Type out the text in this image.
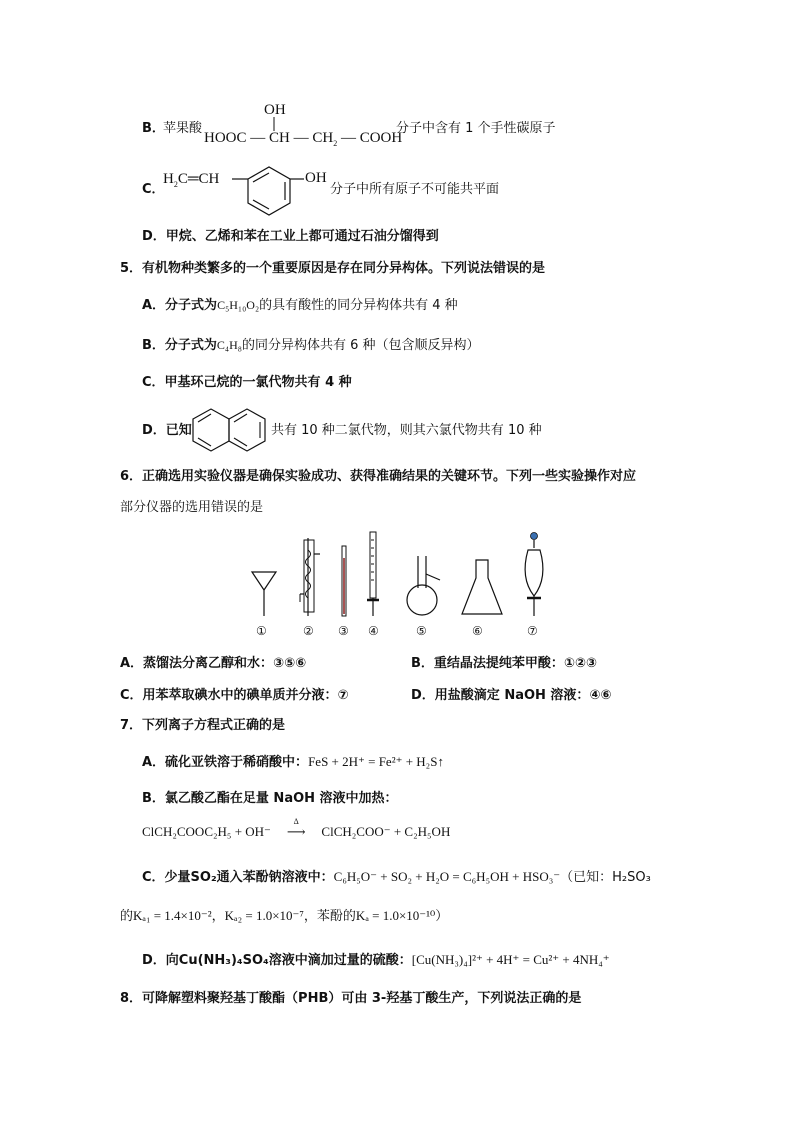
B．
苹果酸
OH
HOOC ― CH ― $CH_2$ ― COOH
分子中含有 1 个手性碳原子
C．
$H_2C═CH$	OH
分子中所有原子不可能共平面
D．甲烷、乙烯和苯在工业上都可通过石油分馏得到
5．有机物种类繁多的一个重要原因是存在同分异构体。下列说法错误的是
A．分子式为C₅H₁₀O₂的具有酸性的同分异构体共有 4 种
B．分子式为C₄H₈的同分异构体共有 6 种（包含顺反异构）
C．甲基环己烷的一氯代物共有 4 种
D．已知	共有 10 种二氯代物，则其六氯代物共有 10 种
6．正确选用实验仪器是确保实验成功、获得准确结果的关键环节。下列一些实验操作对应
部分仪器的选用错误的是
①	② ③ ④	⑤	⑥	⑦
A．蒸馏法分离乙醇和水：③⑤⑥	B．重结晶法提纯苯甲酸：①②③
C．用苯萃取碘水中的碘单质并分液：⑦	D．用盐酸滴定 NaOH 溶液：④⑥
7．下列离子方程式正确的是
A．硫化亚铁溶于稀硝酸中：FeS + 2H⁺ = Fe²⁺ + H₂S↑
B．氯乙酸乙酯在足量 NaOH 溶液中加热：
ClCH₂COOC₂H₅ + OH⁻
Δ
⟶ ClCH₂COO⁻ + C₂H₅OH
C．少量SO₂通入苯酚钠溶液中：C₆H₅O⁻ + SO₂ + H₂O = C₆H₅OH + HSO₃⁻（已知：H₂SO₃
的Kₐ₁ = 1.4×10⁻²，Kₐ₂ = 1.0×10⁻⁷，苯酚的Kₐ = 1.0×10⁻¹⁰）
D．向Cu(NH₃)₄SO₄溶液中滴加过量的硫酸：[Cu(NH₃)₄]²⁺ + 4H⁺ = Cu²⁺ + 4NH₄⁺
8．可降解塑料聚羟基丁酸酯（PHB）可由 3-羟基丁酸生产，下列说法正确的是
